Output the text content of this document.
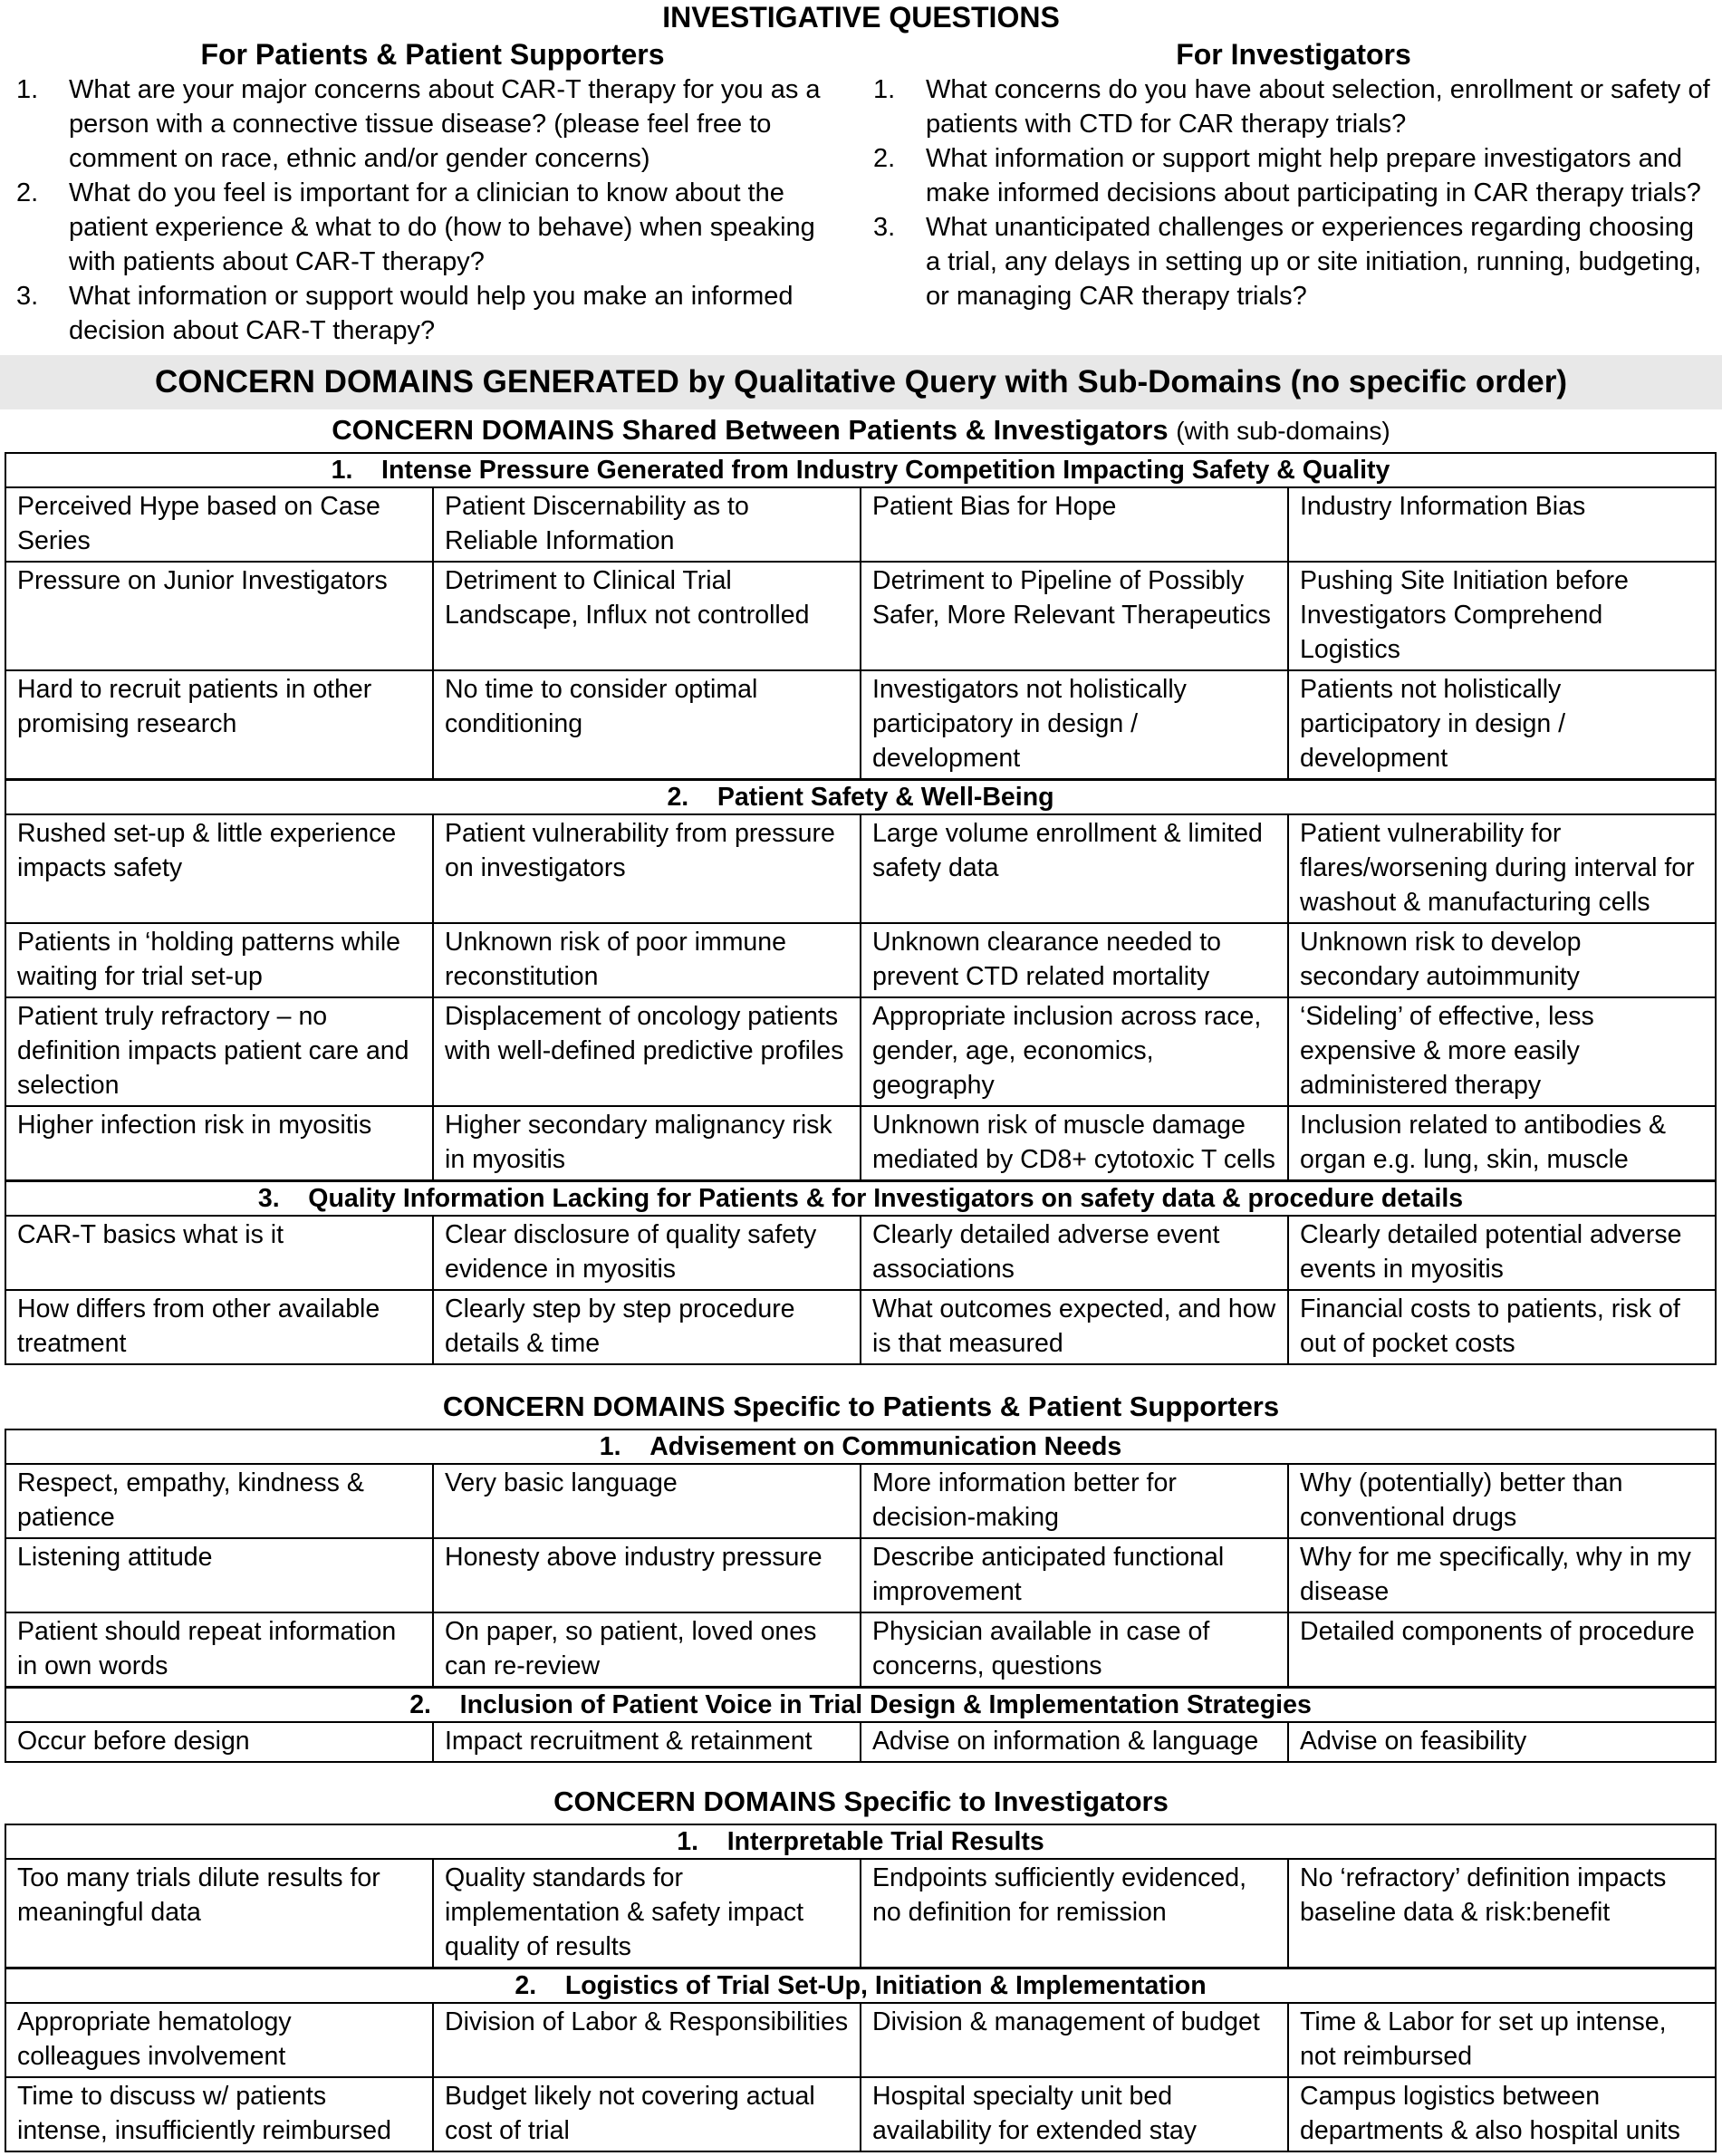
INVESTIGATIVE QUESTIONS
For Patients & Patient Supporters	For Investigators
1. What are your major concerns about CAR-T therapy for you as a person with a connective tissue disease? (please feel free to comment on race, ethnic and/or gender concerns)
2. What do you feel is important for a clinician to know about the patient experience & what to do (how to behave) when speaking with patients about CAR-T therapy?
3. What information or support would help you make an informed decision about CAR-T therapy?
1. What concerns do you have about selection, enrollment or safety of patients with CTD for CAR therapy trials?
2. What information or support might help prepare investigators and make informed decisions about participating in CAR therapy trials?
3. What unanticipated challenges or experiences regarding choosing a trial, any delays in setting up or site initiation, running, budgeting, or managing CAR therapy trials?
CONCERN DOMAINS GENERATED by Qualitative Query with Sub-Domains (no specific order)
CONCERN DOMAINS Shared Between Patients & Investigators (with sub-domains)
1.    Intense Pressure Generated from Industry Competition Impacting Safety & Quality			
Perceived Hype based on Case Series	Patient Discernability as to Reliable Information	Patient Bias for Hope	Industry Information Bias
Pressure on Junior Investigators	Detriment to Clinical Trial Landscape, Influx not controlled	Detriment to Pipeline of Possibly Safer, More Relevant Therapeutics	Pushing Site Initiation before Investigators Comprehend Logistics
Hard to recruit patients in other promising research	No time to consider optimal conditioning	Investigators not holistically participatory in design / development	Patients not holistically participatory in design / development
2.    Patient Safety & Well-Being			
Rushed set-up & little experience impacts safety	Patient vulnerability from pressure on investigators	Large volume enrollment & limited safety data	Patient vulnerability for flares/worsening during interval for washout & manufacturing cells
Patients in ‘holding patterns while waiting for trial set-up	Unknown risk of poor immune reconstitution	Unknown clearance needed to prevent CTD related mortality	Unknown risk to develop secondary autoimmunity
Patient truly refractory – no definition impacts patient care and selection	Displacement of oncology patients with well-defined predictive profiles	Appropriate inclusion across race, gender, age, economics, geography	‘Sideling’ of effective, less expensive & more easily administered therapy
Higher infection risk in myositis	Higher secondary malignancy risk in myositis	Unknown risk of muscle damage mediated by CD8+ cytotoxic T cells	Inclusion related to antibodies & organ e.g. lung, skin, muscle
3.    Quality Information Lacking for Patients & for Investigators on safety data & procedure details			
CAR-T basics what is it	Clear disclosure of quality safety evidence in myositis	Clearly detailed adverse event associations	Clearly detailed potential adverse events in myositis
How differs from other available treatment	Clearly step by step procedure details & time	What outcomes expected, and how is that measured	Financial costs to patients, risk of out of pocket costs
CONCERN DOMAINS Specific to Patients & Patient Supporters
1.    Advisement on Communication Needs			
Respect, empathy, kindness & patience	Very basic language	More information better for decision-making	Why (potentially) better than conventional drugs
Listening attitude	Honesty above industry pressure	Describe anticipated functional improvement	Why for me specifically, why in my disease
Patient should repeat information in own words	On paper, so patient, loved ones can re-review	Physician available in case of concerns, questions	Detailed components of procedure
2.    Inclusion of Patient Voice in Trial Design & Implementation Strategies			
Occur before design	Impact recruitment & retainment	Advise on information & language	Advise on feasibility
CONCERN DOMAINS Specific to Investigators
1.    Interpretable Trial Results			
Too many trials dilute results for meaningful data	Quality standards for implementation & safety impact quality of results	Endpoints sufficiently evidenced, no definition for remission	No ‘refractory’ definition impacts baseline data & risk:benefit
2.    Logistics of Trial Set-Up, Initiation & Implementation			
Appropriate hematology colleagues involvement	Division of Labor & Responsibilities	Division & management of budget	Time & Labor for set up intense, not reimbursed
Time to discuss w/ patients intense, insufficiently reimbursed	Budget likely not covering actual cost of trial	Hospital specialty unit bed availability for extended stay	Campus logistics between departments & also hospital units
